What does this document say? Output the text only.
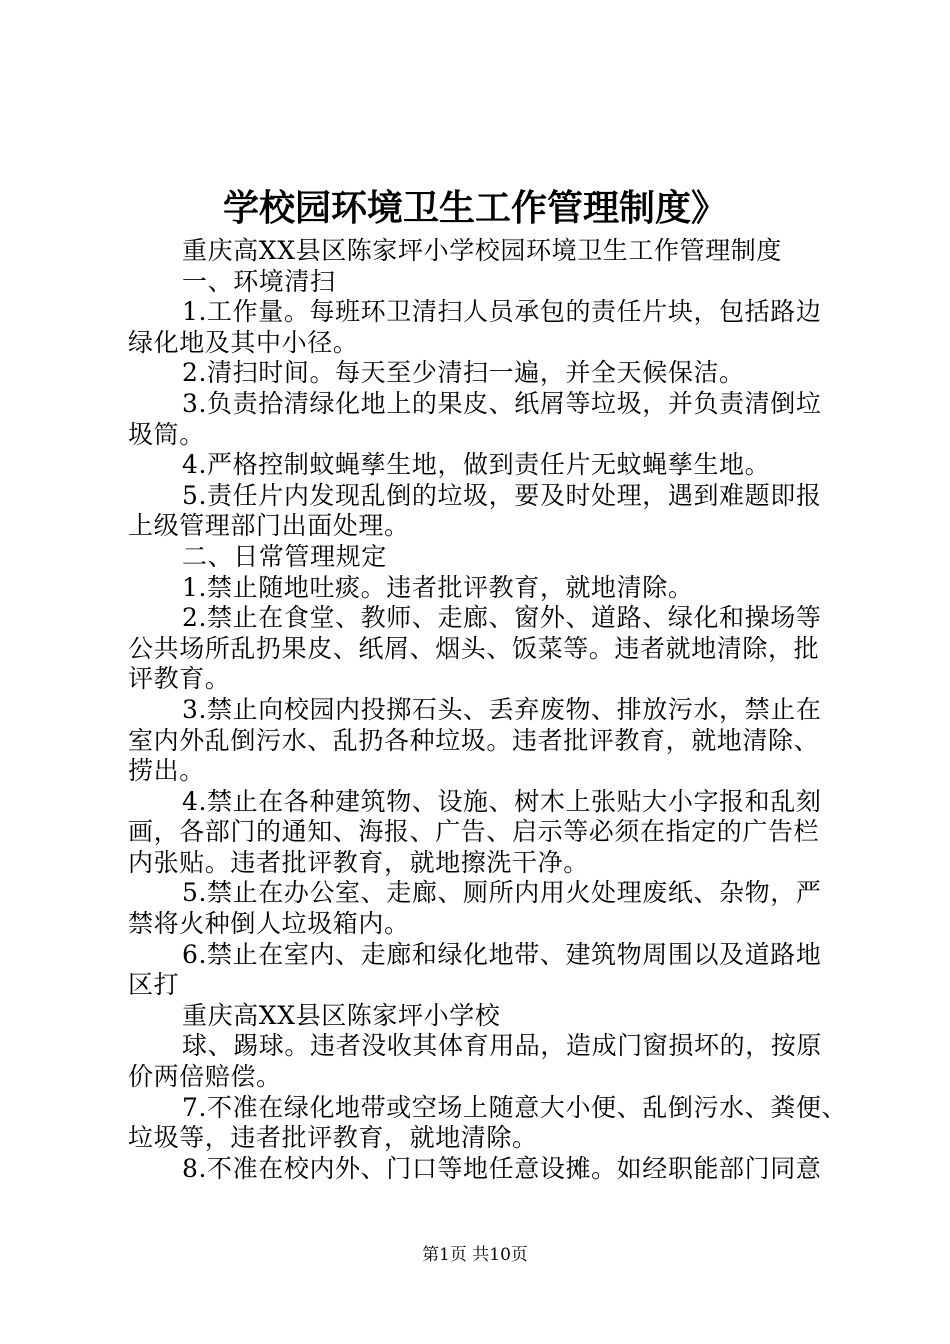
学校园环境卫生工作管理制度》
重庆高XX县区陈家坪小学校园环境卫生工作管理制度
一、环境清扫
1.工作量。每班环卫清扫人员承包的责任片块，包括路边
绿化地及其中小径。
2.清扫时间。每天至少清扫一遍，并全天候保洁。
3.负责拾清绿化地上的果皮、纸屑等垃圾，并负责清倒垃
圾筒。
4.严格控制蚊蝇孳生地，做到责任片无蚊蝇孳生地。
5.责任片内发现乱倒的垃圾，要及时处理，遇到难题即报
上级管理部门出面处理。
二、日常管理规定
1.禁止随地吐痰。违者批评教育，就地清除。
2.禁止在食堂、教师、走廊、窗外、道路、绿化和操场等
公共场所乱扔果皮、纸屑、烟头、饭菜等。违者就地清除，批
评教育。
3.禁止向校园内投掷石头、丢弃废物、排放污水，禁止在
室内外乱倒污水、乱扔各种垃圾。违者批评教育，就地清除、
捞出。
4.禁止在各种建筑物、设施、树木上张贴大小字报和乱刻
画，各部门的通知、海报、广告、启示等必须在指定的广告栏
内张贴。违者批评教育，就地擦洗干净。
5.禁止在办公室、走廊、厕所内用火处理废纸、杂物，严
禁将火种倒人垃圾箱内。
6.禁止在室内、走廊和绿化地带、建筑物周围以及道路地
区打
重庆高XX县区陈家坪小学校
球、踢球。违者没收其体育用品，造成门窗损坏的，按原
价两倍赔偿。
7.不准在绿化地带或空场上随意大小便、乱倒污水、粪便、
垃圾等，违者批评教育，就地清除。
8.不准在校内外、门口等地任意设摊。如经职能部门同意
第1页 共10页
